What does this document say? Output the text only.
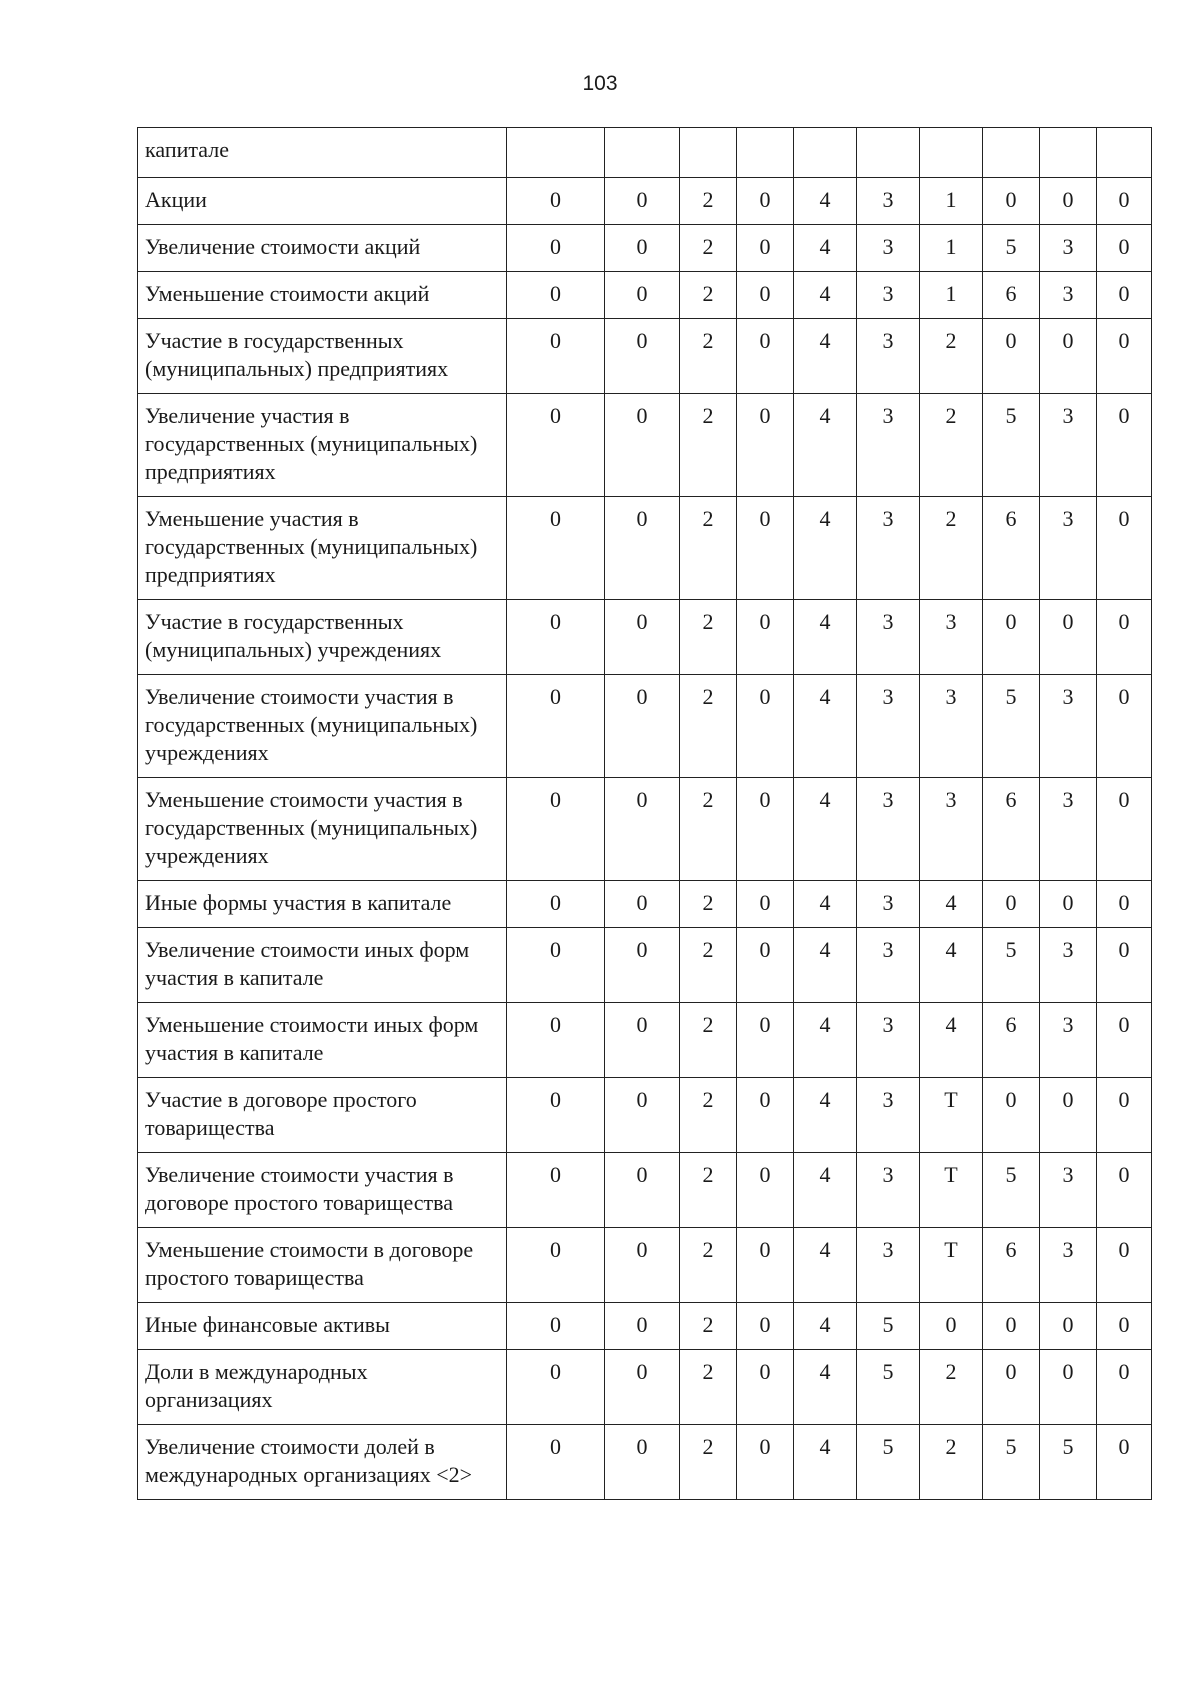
103
капитале										
Акции	0	0	2	0	4	3	1	0	0	0
Увеличение стоимости акций	0	0	2	0	4	3	1	5	3	0
Уменьшение стоимости акций	0	0	2	0	4	3	1	6	3	0
Участие в государственных (муниципальных) предприятиях	0	0	2	0	4	3	2	0	0	0
Увеличение участия в государственных (муниципальных) предприятиях	0	0	2	0	4	3	2	5	3	0
Уменьшение участия в государственных (муниципальных) предприятиях	0	0	2	0	4	3	2	6	3	0
Участие в государственных (муниципальных) учреждениях	0	0	2	0	4	3	3	0	0	0
Увеличение стоимости участия в государственных (муниципальных) учреждениях	0	0	2	0	4	3	3	5	3	0
Уменьшение стоимости участия в государственных (муниципальных) учреждениях	0	0	2	0	4	3	3	6	3	0
Иные формы участия в капитале	0	0	2	0	4	3	4	0	0	0
Увеличение стоимости иных форм участия в капитале	0	0	2	0	4	3	4	5	3	0
Уменьшение стоимости иных форм участия в капитале	0	0	2	0	4	3	4	6	3	0
Участие в договоре простого товарищества	0	0	2	0	4	3	Т	0	0	0
Увеличение стоимости участия в договоре простого товарищества	0	0	2	0	4	3	Т	5	3	0
Уменьшение стоимости в договоре простого товарищества	0	0	2	0	4	3	Т	6	3	0
Иные финансовые активы	0	0	2	0	4	5	0	0	0	0
Доли в международных организациях	0	0	2	0	4	5	2	0	0	0
Увеличение стоимости долей в международных организациях <2>	0	0	2	0	4	5	2	5	5	0
